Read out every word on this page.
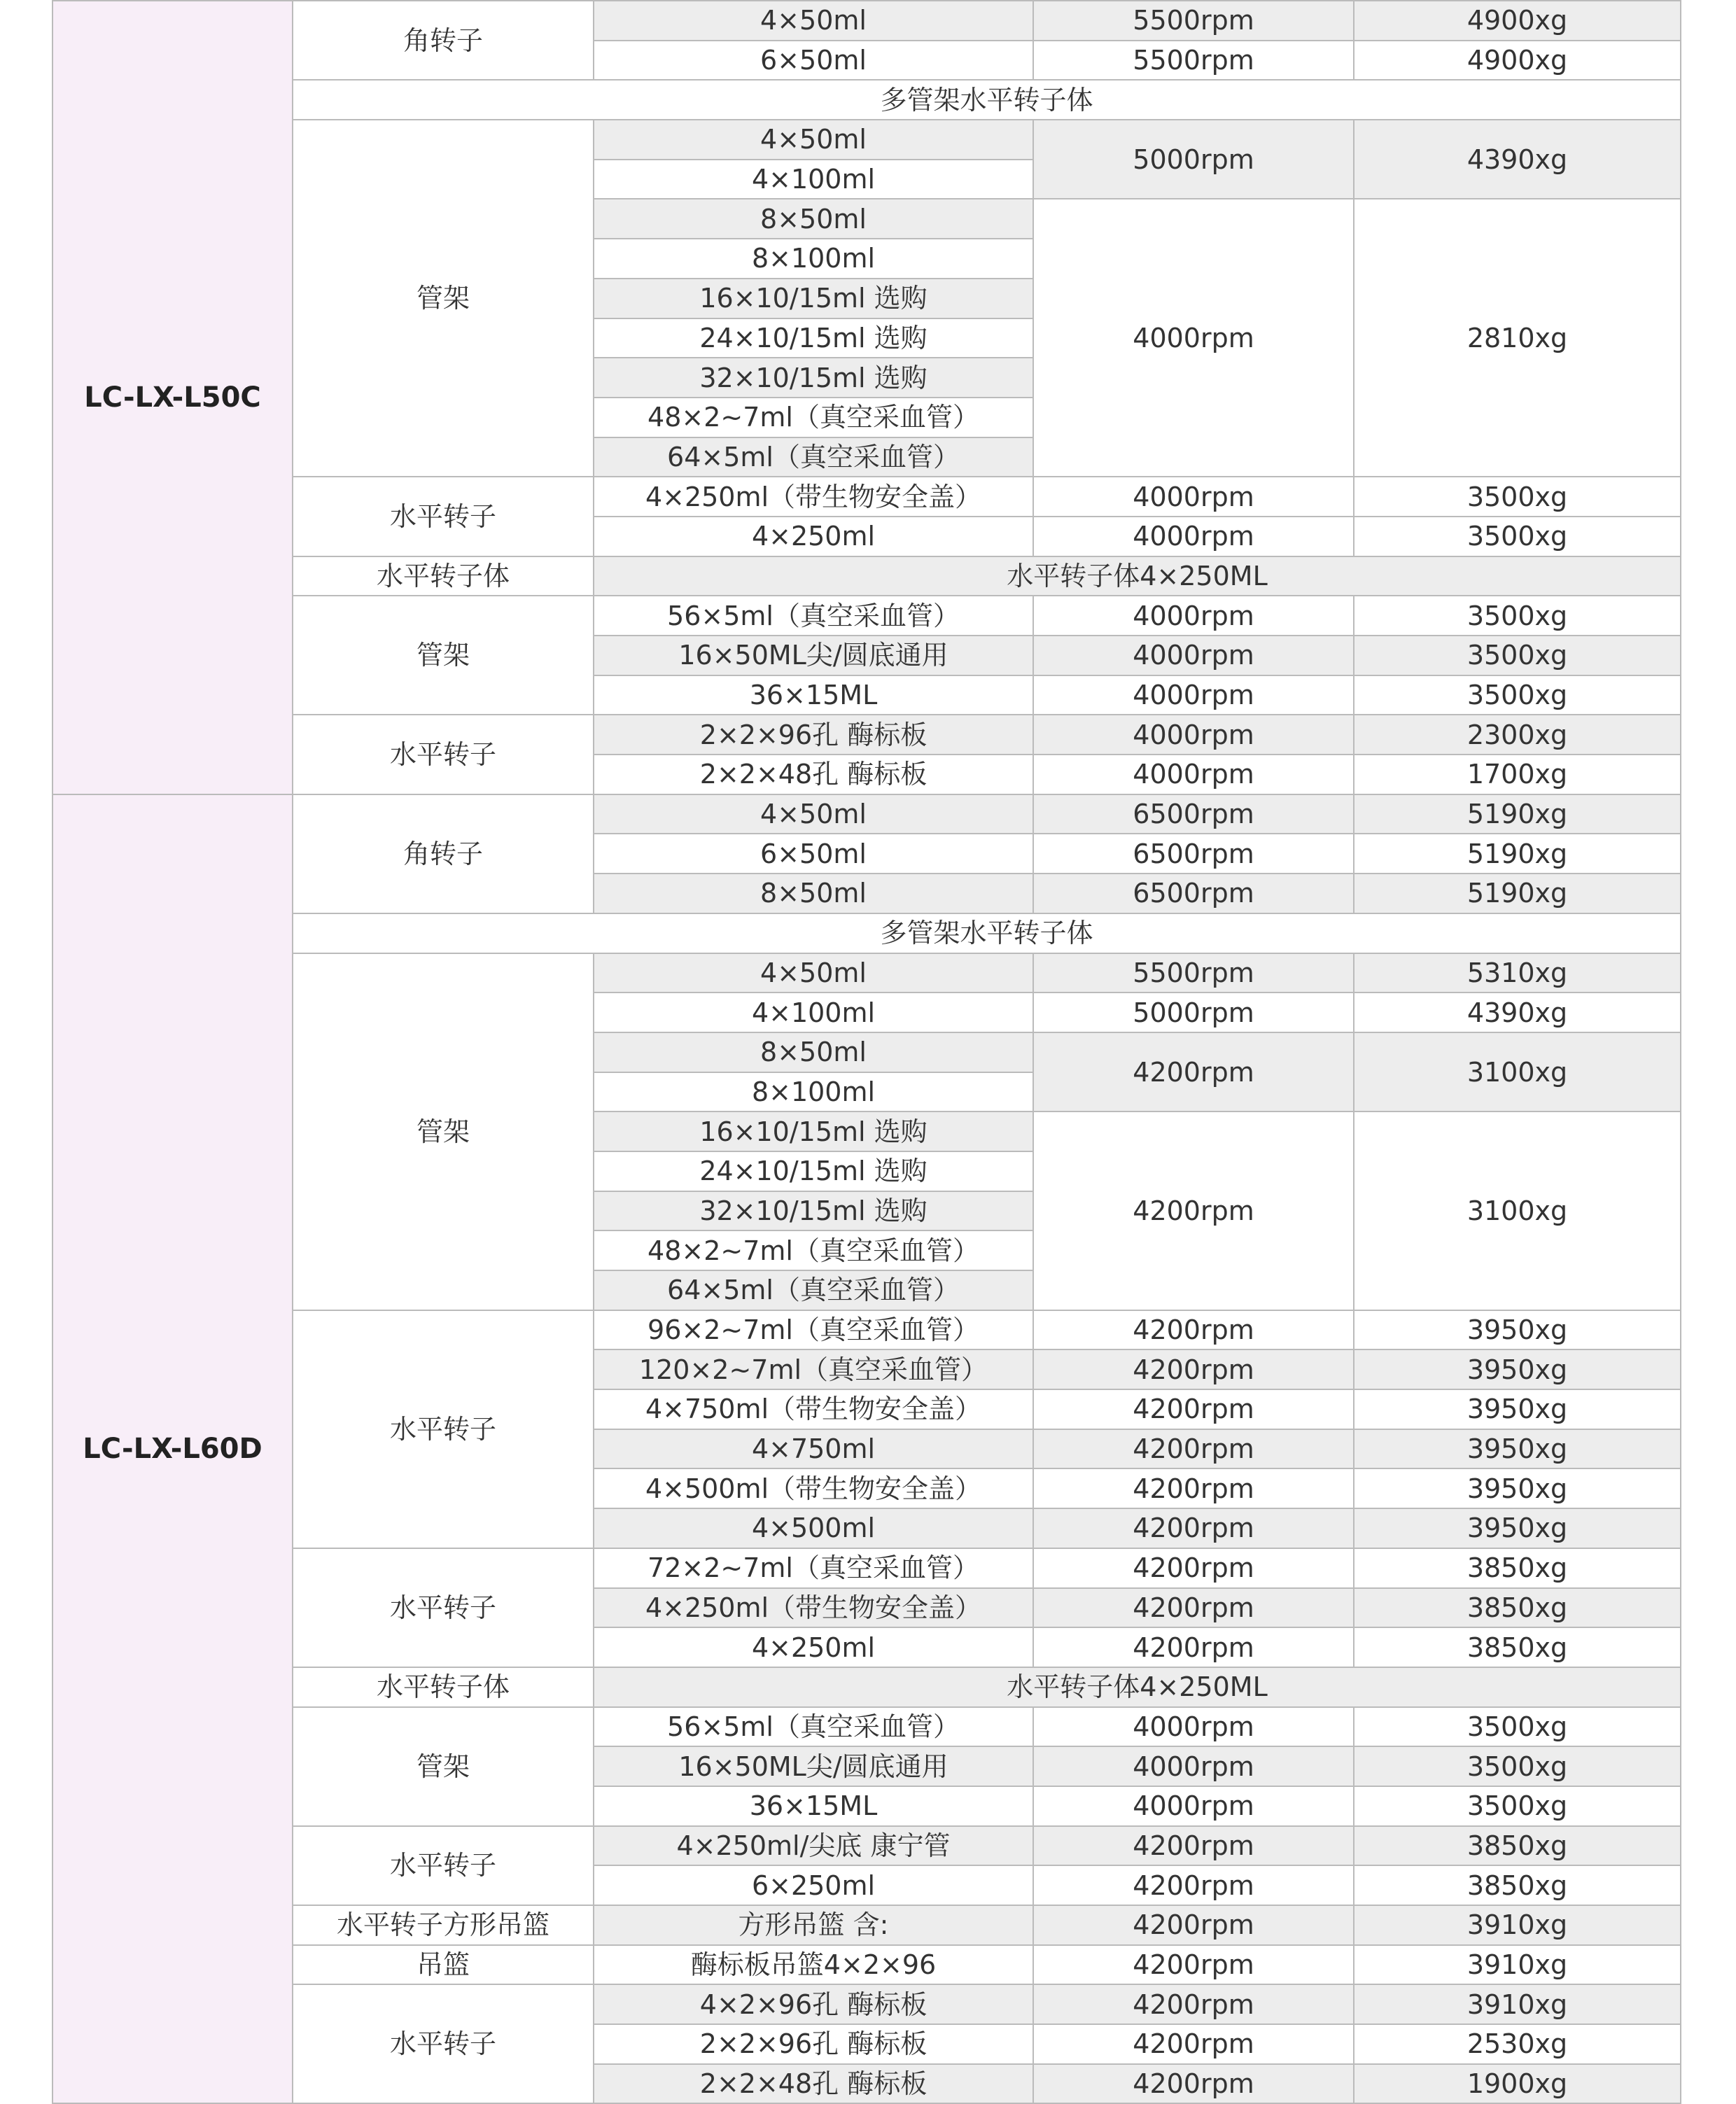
LC-LX-L50C	角转子	4×50ml	5500rpm	4900xg
		6×50ml	5500rpm	4900xg
	多管架水平转子体			
	管架	4×50ml	5000rpm	4390xg
		4×100ml		
		8×50ml	4000rpm	2810xg
		8×100ml		
		16×10/15ml 选购		
		24×10/15ml 选购		
		32×10/15ml 选购		
		48×2~7ml（真空采血管）		
		64×5ml（真空采血管）		
	水平转子	4×250ml（带生物安全盖）	4000rpm	3500xg
		4×250ml	4000rpm	3500xg
	水平转子体	水平转子体4×250ML		
	管架	56×5ml（真空采血管）	4000rpm	3500xg
		16×50ML尖/圆底通用	4000rpm	3500xg
		36×15ML	4000rpm	3500xg
	水平转子	2×2×96孔 酶标板	4000rpm	2300xg
		2×2×48孔 酶标板	4000rpm	1700xg
LC-LX-L60D	角转子	4×50ml	6500rpm	5190xg
		6×50ml	6500rpm	5190xg
		8×50ml	6500rpm	5190xg
	多管架水平转子体			
	管架	4×50ml	5500rpm	5310xg
		4×100ml	5000rpm	4390xg
		8×50ml	4200rpm	3100xg
		8×100ml		
		16×10/15ml 选购	4200rpm	3100xg
		24×10/15ml 选购		
		32×10/15ml 选购		
		48×2~7ml（真空采血管）		
		64×5ml（真空采血管）		
	水平转子	96×2~7ml（真空采血管）	4200rpm	3950xg
		120×2~7ml（真空采血管）	4200rpm	3950xg
		4×750ml（带生物安全盖）	4200rpm	3950xg
		4×750ml	4200rpm	3950xg
		4×500ml（带生物安全盖）	4200rpm	3950xg
		4×500ml	4200rpm	3950xg
	水平转子	72×2~7ml（真空采血管）	4200rpm	3850xg
		4×250ml（带生物安全盖）	4200rpm	3850xg
		4×250ml	4200rpm	3850xg
	水平转子体	水平转子体4×250ML		
	管架	56×5ml（真空采血管）	4000rpm	3500xg
		16×50ML尖/圆底通用	4000rpm	3500xg
		36×15ML	4000rpm	3500xg
	水平转子	4×250ml/尖底 康宁管	4200rpm	3850xg
		6×250ml	4200rpm	3850xg
	水平转子方形吊篮	方形吊篮 含:	4200rpm	3910xg
	吊篮	酶标板吊篮4×2×96	4200rpm	3910xg
	水平转子	4×2×96孔 酶标板	4200rpm	3910xg
		2×2×96孔 酶标板	4200rpm	2530xg
		2×2×48孔 酶标板	4200rpm	1900xg
